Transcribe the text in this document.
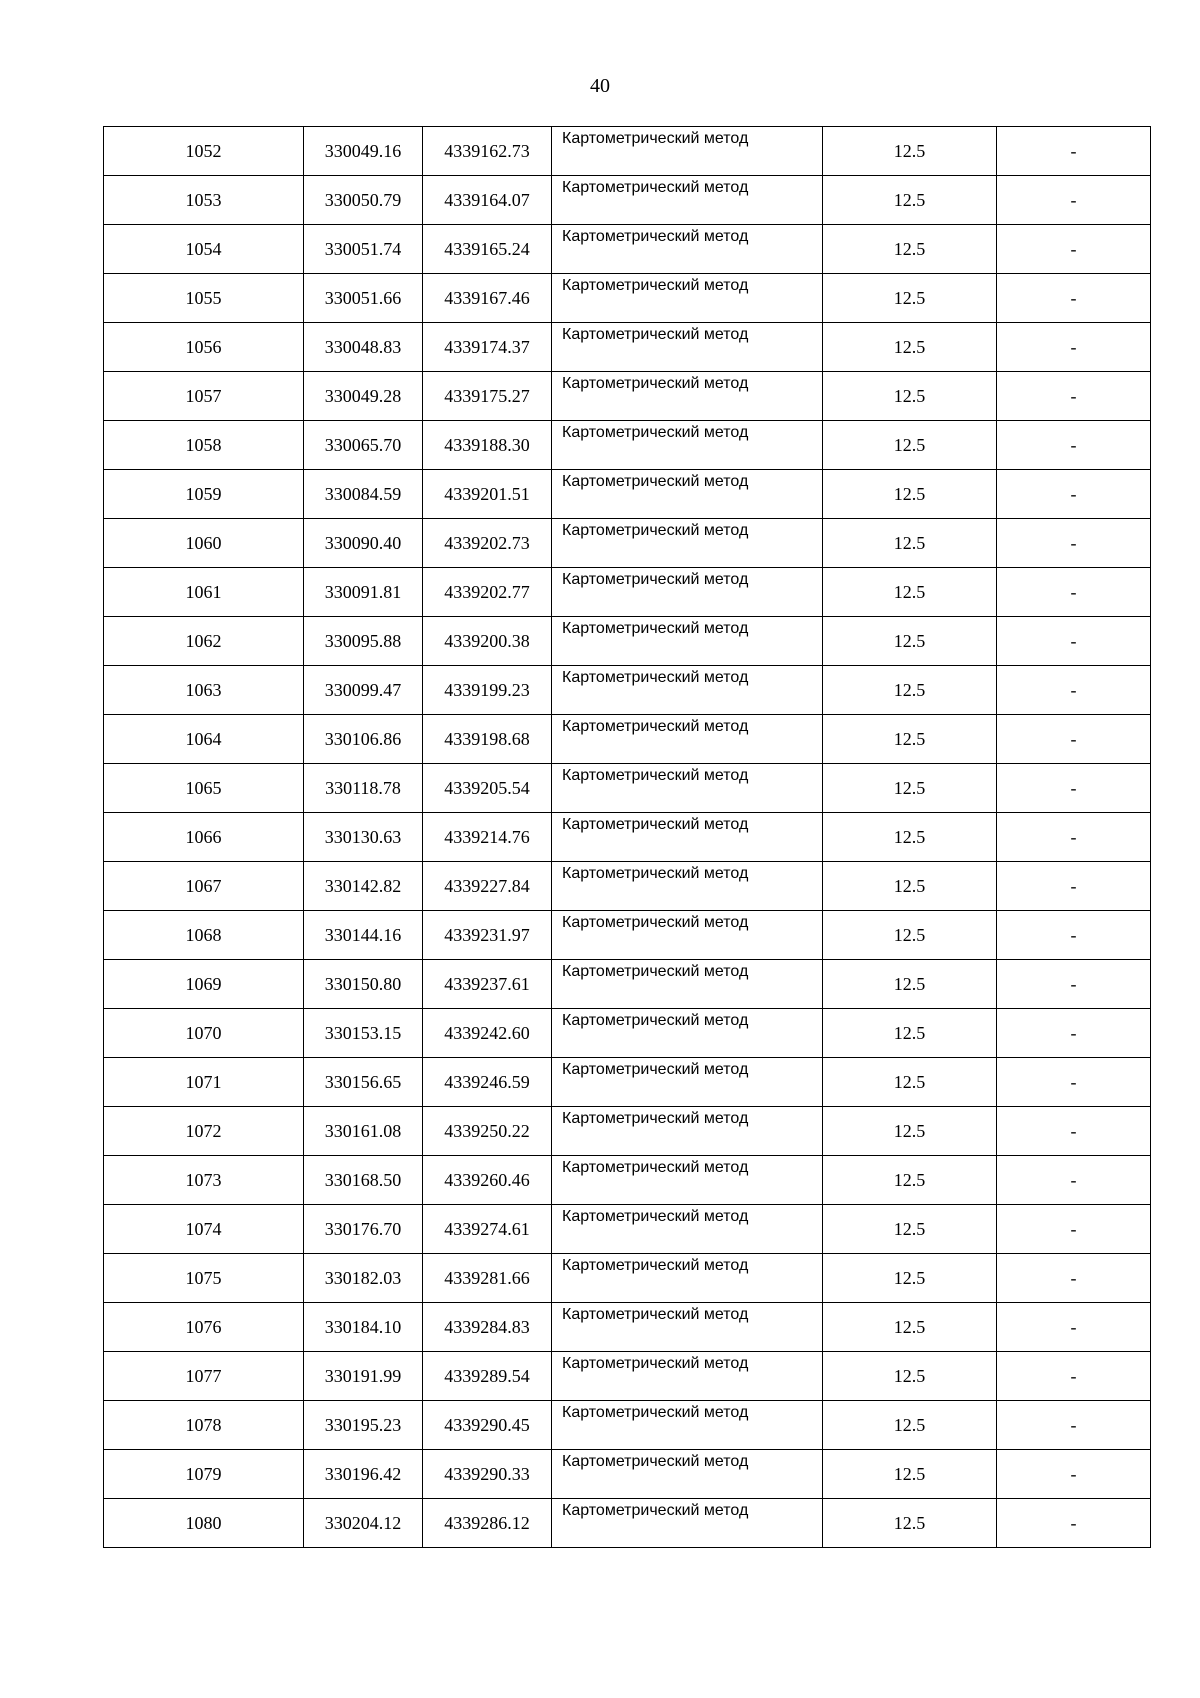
40
1052	330049.16	4339162.73	Картометрический метод	12.5	-
1053	330050.79	4339164.07	Картометрический метод	12.5	-
1054	330051.74	4339165.24	Картометрический метод	12.5	-
1055	330051.66	4339167.46	Картометрический метод	12.5	-
1056	330048.83	4339174.37	Картометрический метод	12.5	-
1057	330049.28	4339175.27	Картометрический метод	12.5	-
1058	330065.70	4339188.30	Картометрический метод	12.5	-
1059	330084.59	4339201.51	Картометрический метод	12.5	-
1060	330090.40	4339202.73	Картометрический метод	12.5	-
1061	330091.81	4339202.77	Картометрический метод	12.5	-
1062	330095.88	4339200.38	Картометрический метод	12.5	-
1063	330099.47	4339199.23	Картометрический метод	12.5	-
1064	330106.86	4339198.68	Картометрический метод	12.5	-
1065	330118.78	4339205.54	Картометрический метод	12.5	-
1066	330130.63	4339214.76	Картометрический метод	12.5	-
1067	330142.82	4339227.84	Картометрический метод	12.5	-
1068	330144.16	4339231.97	Картометрический метод	12.5	-
1069	330150.80	4339237.61	Картометрический метод	12.5	-
1070	330153.15	4339242.60	Картометрический метод	12.5	-
1071	330156.65	4339246.59	Картометрический метод	12.5	-
1072	330161.08	4339250.22	Картометрический метод	12.5	-
1073	330168.50	4339260.46	Картометрический метод	12.5	-
1074	330176.70	4339274.61	Картометрический метод	12.5	-
1075	330182.03	4339281.66	Картометрический метод	12.5	-
1076	330184.10	4339284.83	Картометрический метод	12.5	-
1077	330191.99	4339289.54	Картометрический метод	12.5	-
1078	330195.23	4339290.45	Картометрический метод	12.5	-
1079	330196.42	4339290.33	Картометрический метод	12.5	-
1080	330204.12	4339286.12	Картометрический метод	12.5	-
